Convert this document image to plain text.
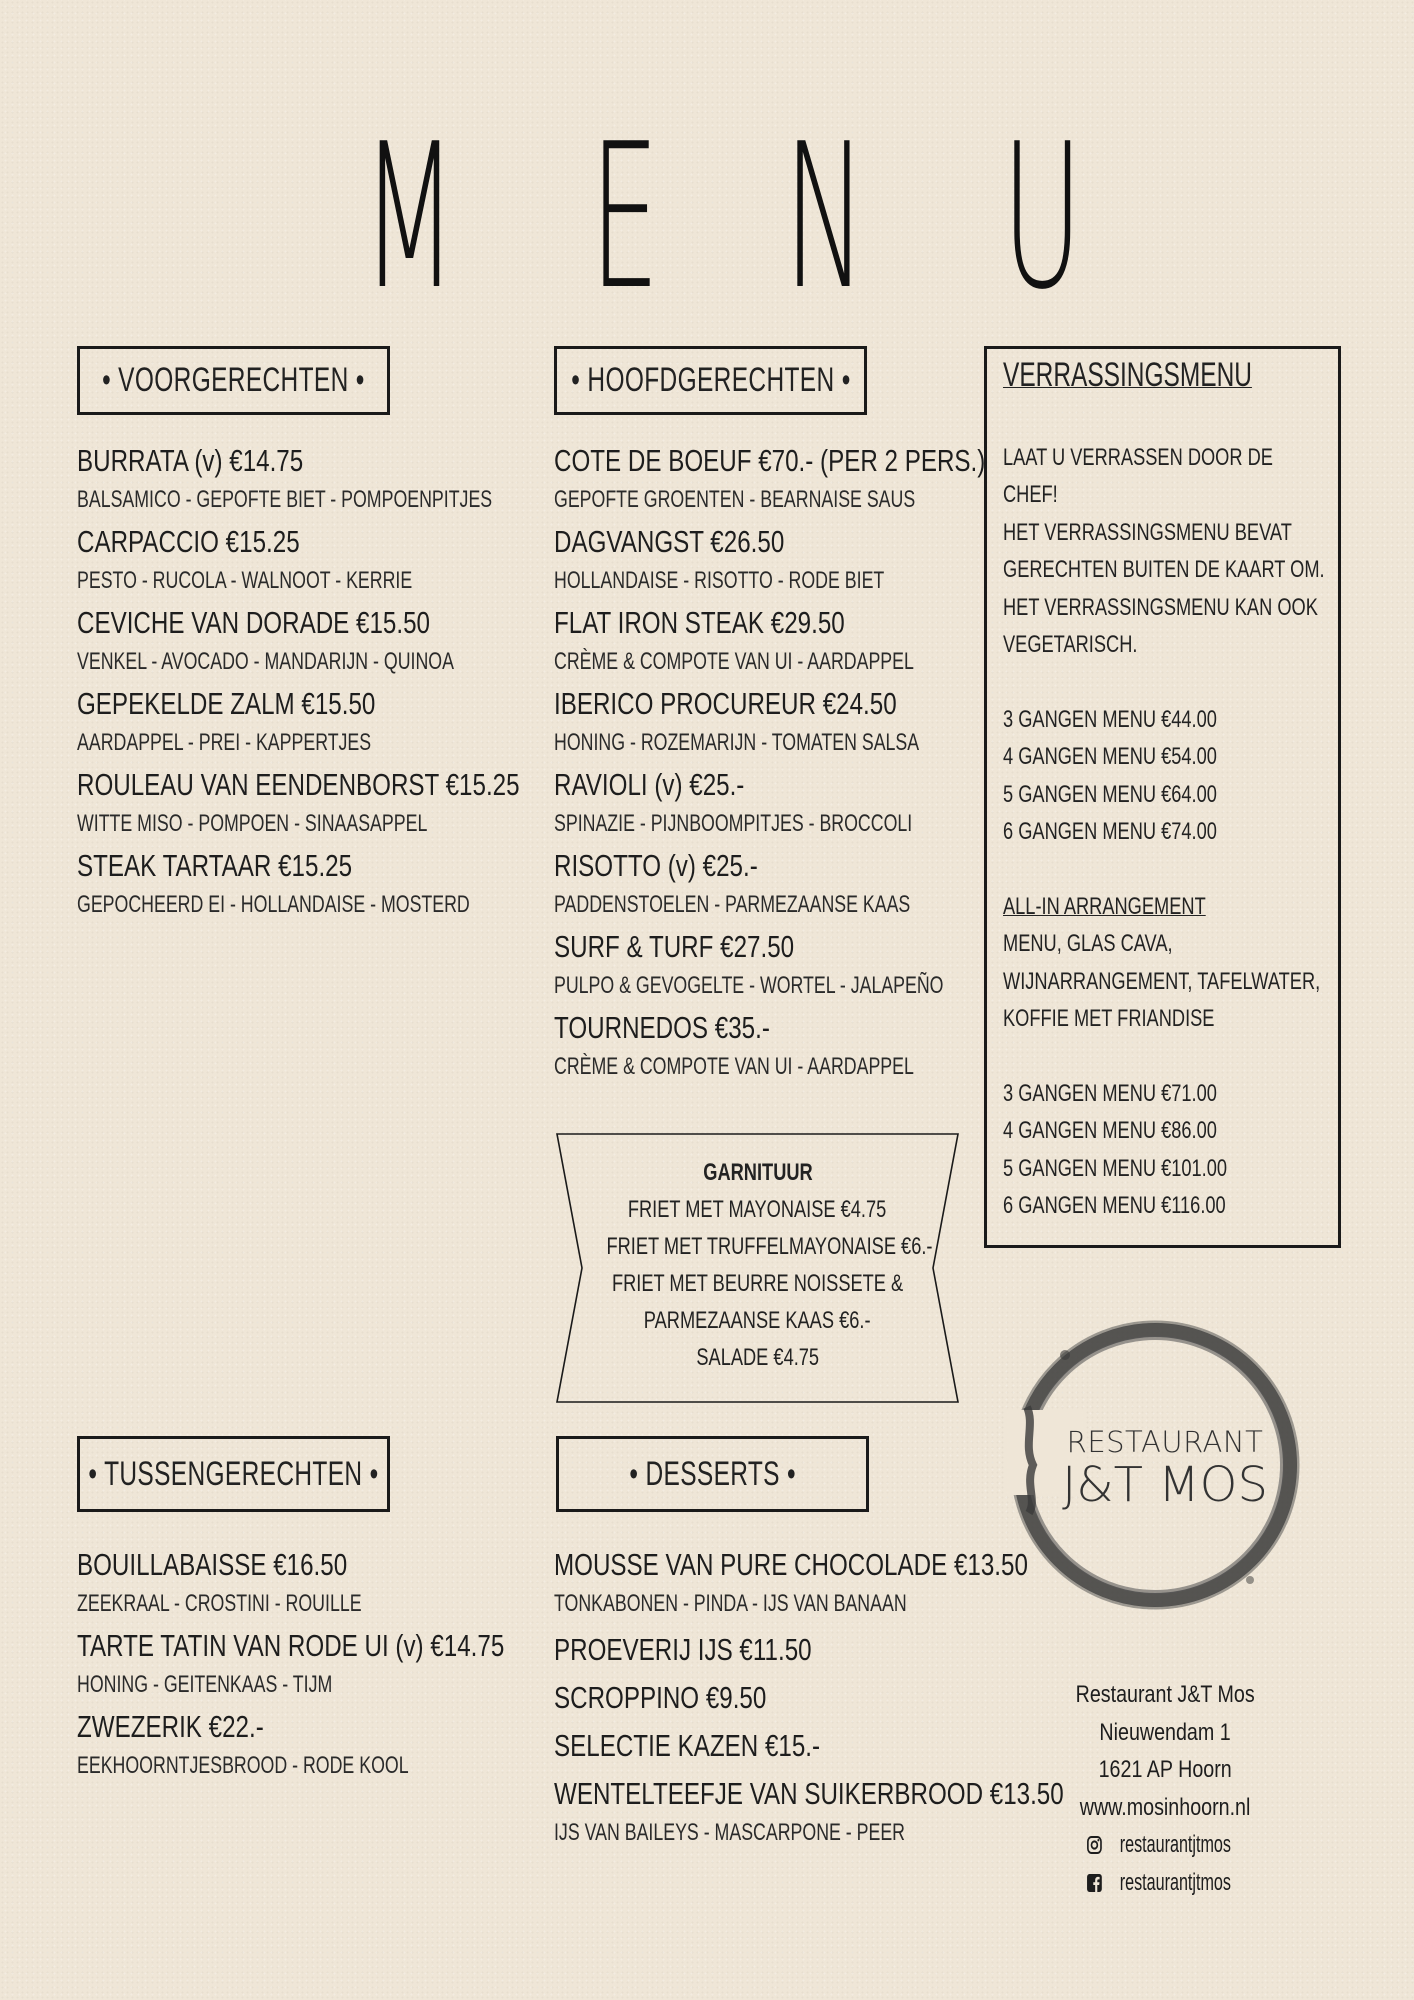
M E N U
• VOORGERECHTEN •
BURRATA (v) €14.75
BALSAMICO - GEPOFTE BIET - POMPOENPITJES
CARPACCIO €15.25
PESTO - RUCOLA - WALNOOT - KERRIE
CEVICHE VAN DORADE €15.50
VENKEL - AVOCADO - MANDARIJN - QUINOA
GEPEKELDE ZALM €15.50
AARDAPPEL - PREI - KAPPERTJES
ROULEAU VAN EENDENBORST €15.25
WITTE MISO - POMPOEN - SINAASAPPEL
STEAK TARTAAR €15.25
GEPOCHEERD EI - HOLLANDAISE - MOSTERD
• HOOFDGERECHTEN •
COTE DE BOEUF €70.- (PER 2 PERS.)
GEPOFTE GROENTEN - BEARNAISE SAUS
DAGVANGST €26.50
HOLLANDAISE - RISOTTO - RODE BIET
FLAT IRON STEAK €29.50
CRÈME & COMPOTE VAN UI - AARDAPPEL
IBERICO PROCUREUR €24.50
HONING - ROZEMARIJN - TOMATEN SALSA
RAVIOLI (v) €25.-
SPINAZIE - PIJNBOOMPITJES - BROCCOLI
RISOTTO (v) €25.-
PADDENSTOELEN - PARMEZAANSE KAAS
SURF & TURF €27.50
PULPO & GEVOGELTE - WORTEL - JALAPEÑO
TOURNEDOS €35.-
CRÈME & COMPOTE VAN UI - AARDAPPEL
GARNITUUR
FRIET MET MAYONAISE €4.75
FRIET MET TRUFFELMAYONAISE €6.-
FRIET MET BEURRE NOISSETE &
PARMEZAANSE KAAS €6.-
SALADE €4.75
VERRASSINGSMENU
LAAT U VERRASSEN DOOR DE
CHEF!
HET VERRASSINGSMENU BEVAT
GERECHTEN BUITEN DE KAART OM.
HET VERRASSINGSMENU KAN OOK
VEGETARISCH.
3 GANGEN MENU €44.00
4 GANGEN MENU €54.00
5 GANGEN MENU €64.00
6 GANGEN MENU €74.00
ALL-IN ARRANGEMENT
MENU, GLAS CAVA,
WIJNARRANGEMENT, TAFELWATER,
KOFFIE MET FRIANDISE
3 GANGEN MENU €71.00
4 GANGEN MENU €86.00
5 GANGEN MENU €101.00
6 GANGEN MENU €116.00
• TUSSENGERECHTEN •
BOUILLABAISSE €16.50
ZEEKRAAL - CROSTINI - ROUILLE
TARTE TATIN VAN RODE UI (v) €14.75
HONING - GEITENKAAS - TIJM
ZWEZERIK €22.-
EEKHOORNTJESBROOD - RODE KOOL
• DESSERTS •
MOUSSE VAN PURE CHOCOLADE €13.50
TONKABONEN - PINDA - IJS VAN BANAAN
PROEVERIJ IJS €11.50
SCROPPINO €9.50
SELECTIE KAZEN €15.-
WENTELTEEFJE VAN SUIKERBROOD €13.50
IJS VAN BAILEYS - MASCARPONE - PEER
RESTAURANT
J&T MOS
Restaurant J&T Mos
Nieuwendam 1
1621 AP Hoorn
www.mosinhoorn.nl
restaurantjtmos
restaurantjtmos
